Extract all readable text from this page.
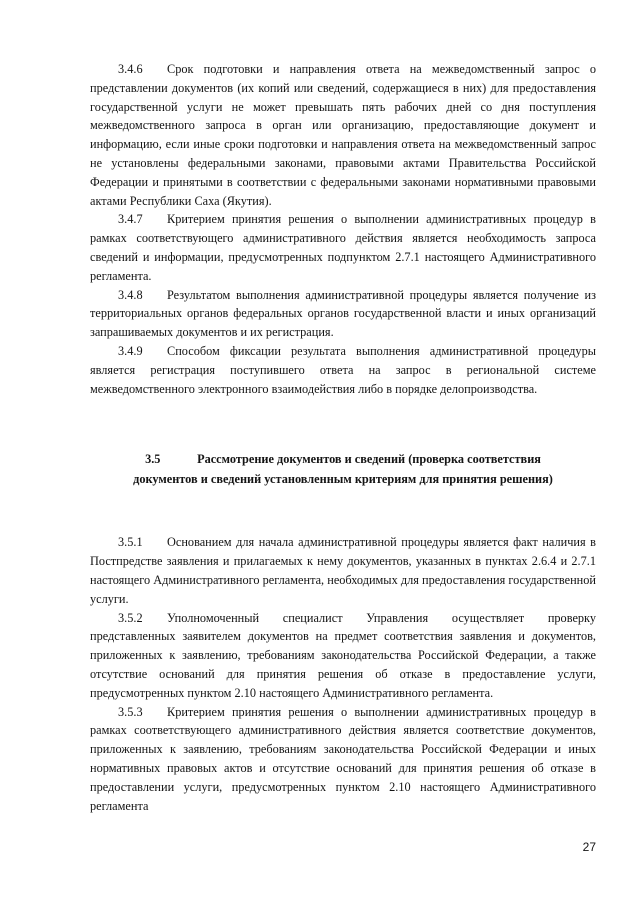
3.4.6 Срок подготовки и направления ответа на межведомственный запрос о представлении документов (их копий или сведений, содержащиеся в них) для предоставления государственной услуги не может превышать пять рабочих дней со дня поступления межведомственного запроса в орган или организацию, предоставляющие документ и информацию, если иные сроки подготовки и направления ответа на межведомственный запрос не установлены федеральными законами, правовыми актами Правительства Российской Федерации и принятыми в соответствии с федеральными законами нормативными правовыми актами Республики Саха (Якутия).

3.4.7 Критерием принятия решения о выполнении административных процедур в рамках соответствующего административного действия является необходимость запроса сведений и информации, предусмотренных подпунктом 2.7.1 настоящего Административного регламента.

3.4.8 Результатом выполнения административной процедуры является получение из территориальных органов федеральных органов государственной власти и иных организаций запрашиваемых документов и их регистрация.

3.4.9 Способом фиксации результата выполнения административной процедуры является регистрация поступившего ответа на запрос в региональной системе межведомственного электронного взаимодействия либо в порядке делопроизводства.

3.5	Рассмотрение документов и сведений (проверка соответствия
документов и сведений установленным критериям для принятия решения)

3.5.1 Основанием для начала административной процедуры является факт наличия в Постпредстве заявления и прилагаемых к нему документов, указанных в пунктах 2.6.4 и 2.7.1 настоящего Административного регламента, необходимых для предоставления государственной услуги.

3.5.2 Уполномоченный специалист Управления осуществляет проверку представленных заявителем документов на предмет соответствия заявления и документов, приложенных к заявлению, требованиям законодательства Российской Федерации, а также отсутствие оснований для принятия решения об отказе в предоставление услуги, предусмотренных пунктом 2.10 настоящего Административного регламента.

3.5.3 Критерием принятия решения о выполнении административных процедур в рамках соответствующего административного действия является соответствие документов, приложенных к заявлению, требованиям законодательства Российской Федерации и иных нормативных правовых актов и отсутствие оснований для принятия решения об отказе в предоставлении услуги, предусмотренных пунктом 2.10 настоящего Административного регламента

27
